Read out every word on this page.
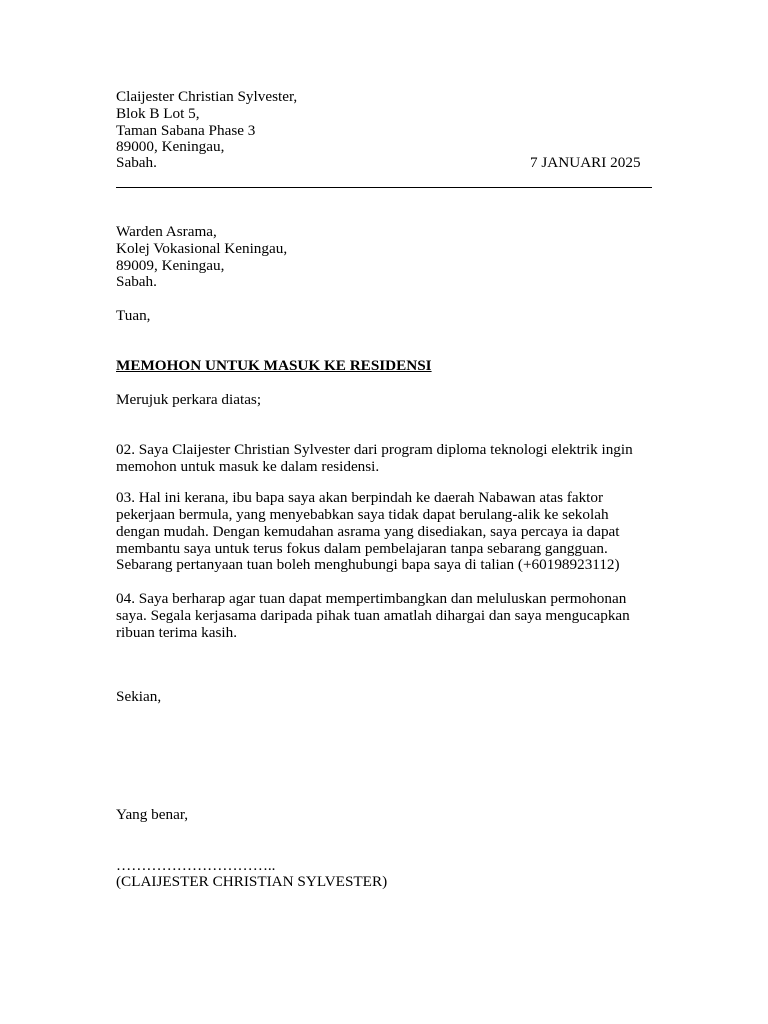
Claijester Christian Sylvester,
Blok B Lot 5,
Taman Sabana Phase 3
89000, Keningau,
Sabah.	7 JANUARI 2025
Warden Asrama,
Kolej Vokasional Keningau,
89009, Keningau,
Sabah.
Tuan,
MEMOHON UNTUK MASUK KE RESIDENSI
Merujuk perkara diatas;
02. Saya Claijester Christian Sylvester dari program diploma teknologi elektrik ingin
memohon untuk masuk ke dalam residensi.
03. Hal ini kerana, ibu bapa saya akan berpindah ke daerah Nabawan atas faktor
pekerjaan bermula, yang menyebabkan saya tidak dapat berulang-alik ke sekolah
dengan mudah. Dengan kemudahan asrama yang disediakan, saya percaya ia dapat
membantu saya untuk terus fokus dalam pembelajaran tanpa sebarang gangguan.
Sebarang pertanyaan tuan boleh menghubungi bapa saya di talian (+60198923112)
04. Saya berharap agar tuan dapat mempertimbangkan dan meluluskan permohonan
saya. Segala kerjasama daripada pihak tuan amatlah dihargai dan saya mengucapkan
ribuan terima kasih.
Sekian,
Yang benar,
…………………………..
(CLAIJESTER CHRISTIAN SYLVESTER)
